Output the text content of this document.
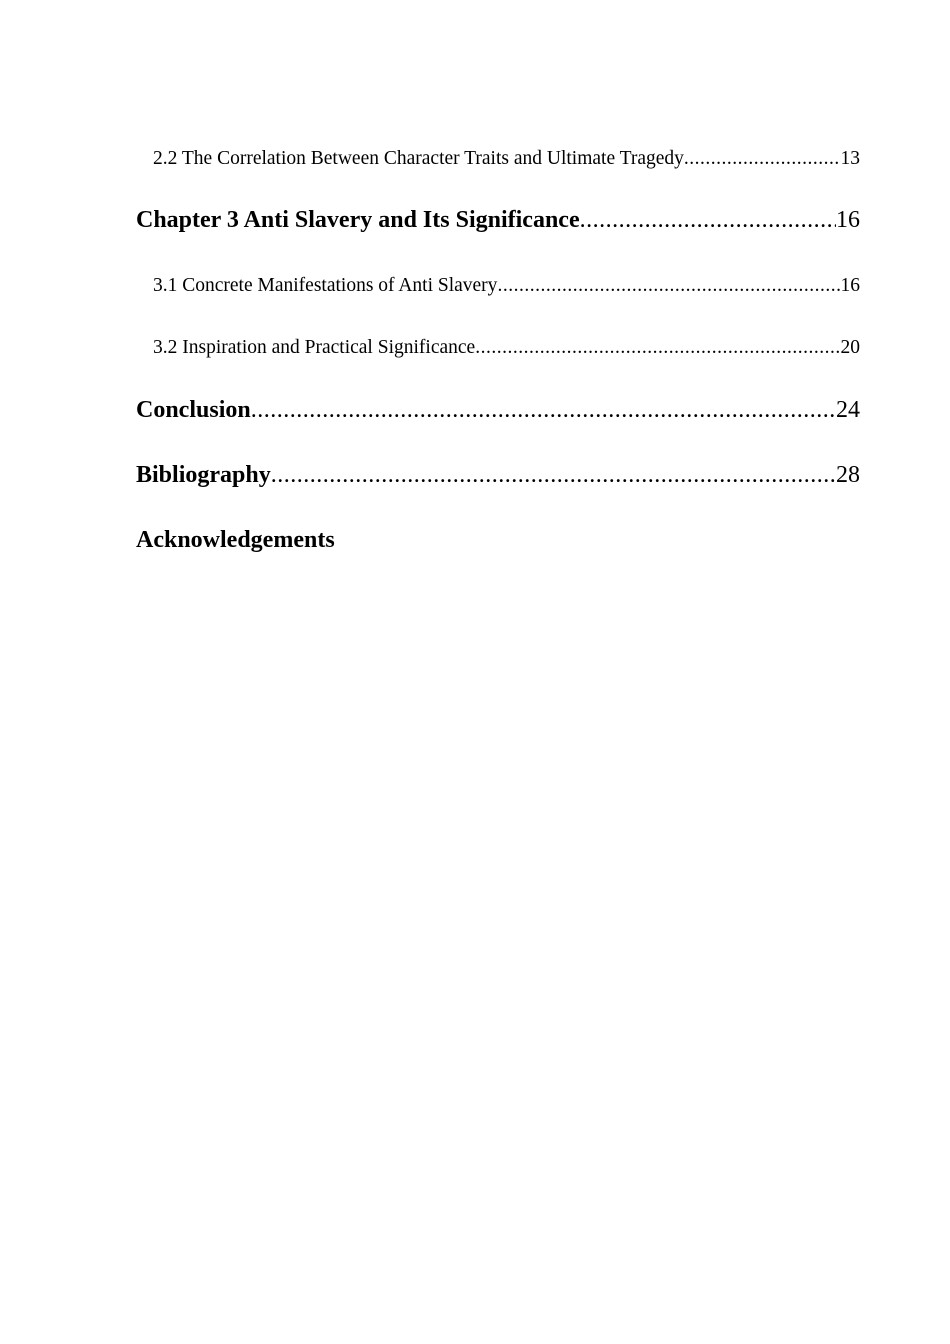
2.2 The Correlation Between Character Traits and Ultimate Tragedy .....	13
Chapter 3 Anti Slavery and Its Significance .....	16
3.1 Concrete Manifestations of Anti Slavery .....	16
3.2 Inspiration and Practical Significance .....	20
Conclusion .....	24
Bibliography .....	28
Acknowledgements
